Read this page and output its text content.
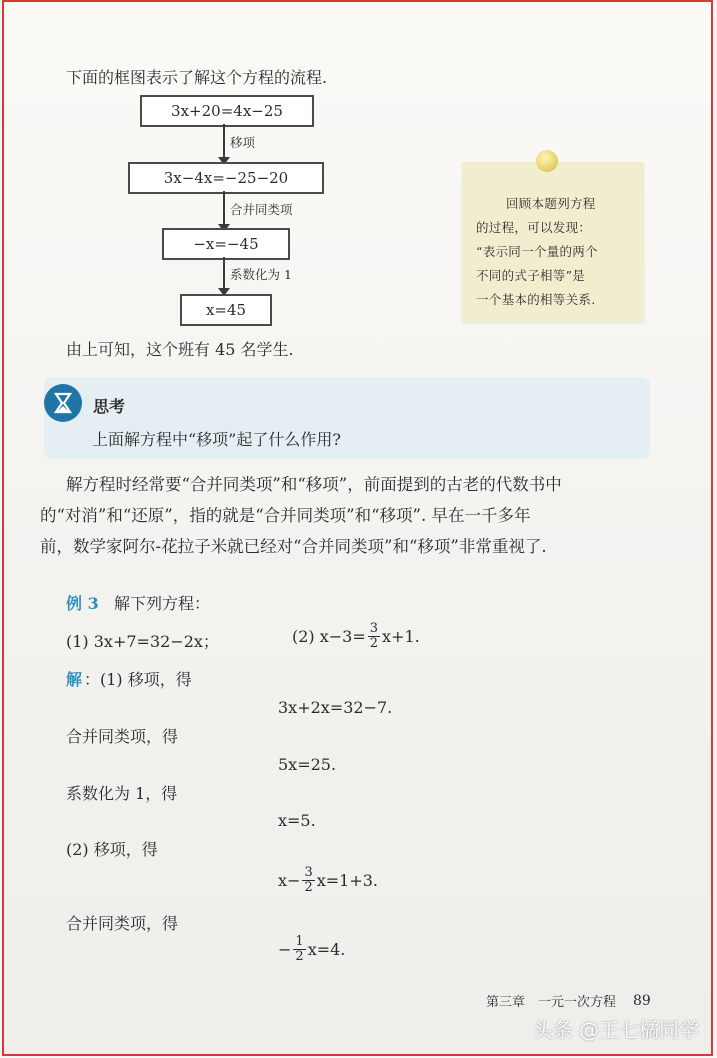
下面的框图表示了解这个方程的流程.
3x+20=4x−25
移项
3x−4x=−25−20
合并同类项
−x=−45
系数化为 1
x=45
回顾本题列方程
的过程，可以发现：
“表示同一个量的两个
不同的式子相等”是
一个基本的相等关系.
由上可知，这个班有 45 名学生.
思考
上面解方程中“移项”起了什么作用?
解方程时经常要“合并同类项”和“移项”，前面提到的古老的代数书中
的“对消”和“还原”，指的就是“合并同类项”和“移项”. 早在一千多年
前，数学家阿尔-花拉子米就已经对“合并同类项”和“移项”非常重视了.
例 3 解下列方程：
(1) 3x+7=32−2x；	(2) $x-3= \frac{3}{2} x+1$.
解 ：(1) 移项，得
3x+2x=32−7.
合并同类项，得
5x=25.
系数化为 1，得
x=5.
(2) 移项，得
$x- \frac{3}{2} x=1+3$.
合并同类项，得
− $\frac{1}{2} x=4$.
第三章　一元一次方程 89
头条 @王七橘同学
